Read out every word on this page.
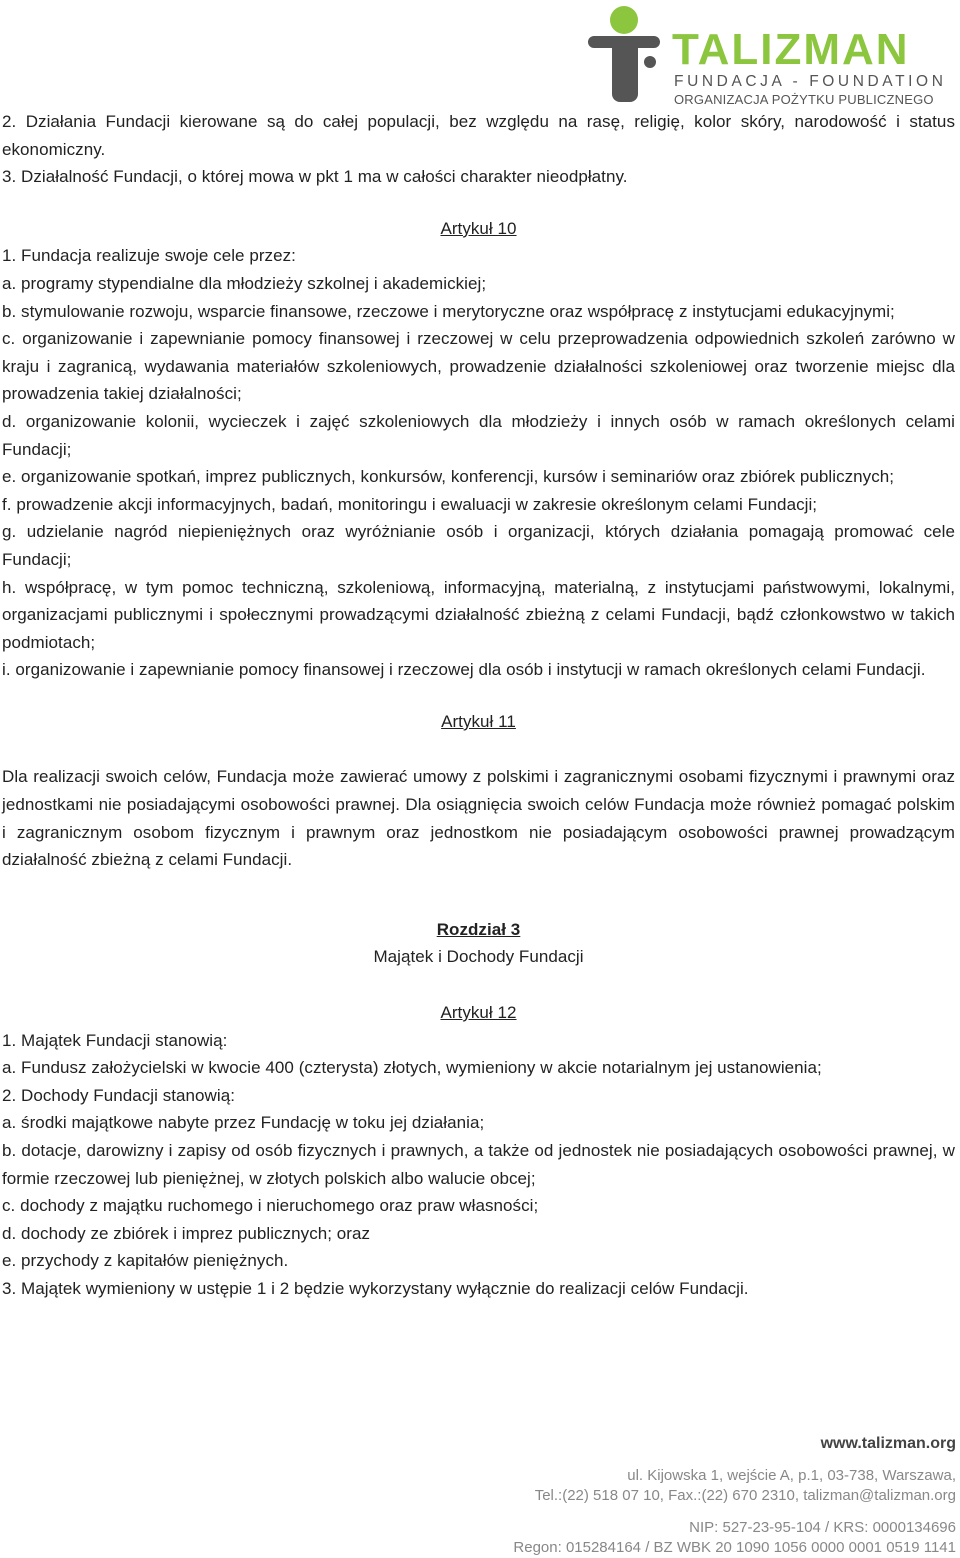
TALIZMAN
FUNDACJA - FOUNDATION
ORGANIZACJA POŻYTKU PUBLICZNEGO
2. Działania Fundacji kierowane są do całej populacji, bez względu na rasę, religię, kolor skóry, narodowość i status ekonomiczny.
3. Działalność Fundacji, o której mowa w pkt 1 ma w całości charakter nieodpłatny.
Artykuł 10
1. Fundacja realizuje swoje cele przez:
a. programy stypendialne dla młodzieży szkolnej i akademickiej;
b. stymulowanie rozwoju, wsparcie finansowe, rzeczowe i merytoryczne oraz współpracę z instytucjami edukacyjnymi;
c. organizowanie i zapewnianie pomocy finansowej i rzeczowej w celu przeprowadzenia odpowiednich szkoleń zarówno w kraju i zagranicą, wydawania materiałów szkoleniowych, prowadzenie działalności szkoleniowej oraz tworzenie miejsc dla prowadzenia takiej działalności;
d. organizowanie kolonii, wycieczek i zajęć szkoleniowych dla młodzieży i innych osób w ramach określonych celami Fundacji;
e. organizowanie spotkań, imprez publicznych, konkursów, konferencji, kursów i seminariów oraz zbiórek publicznych;
f. prowadzenie akcji informacyjnych, badań, monitoringu i ewaluacji w zakresie określonym celami Fundacji;
g. udzielanie nagród niepieniężnych oraz wyróżnianie osób i organizacji, których działania pomagają promować cele Fundacji;
h. współpracę, w tym pomoc techniczną, szkoleniową, informacyjną, materialną, z instytucjami państwowymi, lokalnymi, organizacjami publicznymi i społecznymi prowadzącymi działalność zbieżną z celami Fundacji, bądź członkowstwo w takich podmiotach;
i. organizowanie i zapewnianie pomocy finansowej i rzeczowej dla osób i instytucji w ramach określonych celami Fundacji.
Artykuł 11
Dla realizacji swoich celów, Fundacja może zawierać umowy z polskimi i zagranicznymi osobami fizycznymi i prawnymi oraz jednostkami nie posiadającymi osobowości prawnej. Dla osiągnięcia swoich celów Fundacja może również pomagać polskim i zagranicznym osobom fizycznym i prawnym oraz jednostkom nie posiadającym osobowości prawnej prowadzącym działalność zbieżną z celami Fundacji.
Rozdział 3
Majątek i Dochody Fundacji
Artykuł 12
1. Majątek Fundacji stanowią:
a. Fundusz założycielski w kwocie 400 (czterysta) złotych, wymieniony w akcie notarialnym jej ustanowienia;
2. Dochody Fundacji stanowią:
a. środki majątkowe nabyte przez Fundację w toku jej działania;
b. dotacje, darowizny i zapisy od osób fizycznych i prawnych, a także od jednostek nie posiadających osobowości prawnej, w formie rzeczowej lub pieniężnej, w złotych polskich albo walucie obcej;
c. dochody z majątku ruchomego i nieruchomego oraz praw własności;
d. dochody ze zbiórek i imprez publicznych; oraz
e. przychody z kapitałów pieniężnych.
3. Majątek wymieniony w ustępie 1 i 2 będzie wykorzystany wyłącznie do realizacji celów Fundacji.
www.talizman.org
ul. Kijowska 1, wejście A, p.1, 03-738, Warszawa,
Tel.:(22) 518 07 10, Fax.:(22) 670 2310, talizman@talizman.org
NIP: 527-23-95-104 / KRS: 0000134696
Regon: 015284164 / BZ WBK 20 1090 1056 0000 0001 0519 1141
